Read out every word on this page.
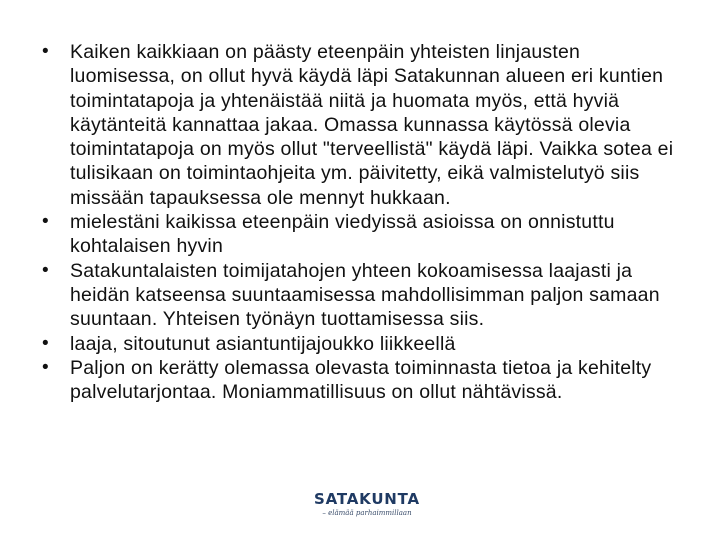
•	Kaiken kaikkiaan on päästy eteenpäin yhteisten linjausten luomisessa, on ollut hyvä käydä läpi Satakunnan alueen eri kuntien toimintatapoja ja yhtenäistää niitä ja huomata myös, että hyviä käytänteitä kannattaa jakaa. Omassa kunnassa käytössä olevia toimintatapoja on myös ollut "terveellistä" käydä läpi. Vaikka sotea ei tulisikaan on toimintaohjeita ym. päivitetty, eikä valmistelutyö siis missään tapauksessa ole mennyt hukkaan.
•	mielestäni kaikissa eteenpäin viedyissä asioissa on onnistuttu kohtalaisen hyvin
•	Satakuntalaisten toimijatahojen yhteen kokoamisessa laajasti ja heidän katseensa suuntaamisessa mahdollisimman paljon samaan suuntaan. Yhteisen työnäyn tuottamisessa siis.
•	laaja, sitoutunut asiantuntijajoukko liikkeellä
•	Paljon on kerätty olemassa olevasta toiminnasta tietoa ja kehitelty palvelutarjontaa. Moniammatillisuus on ollut nähtävissä.
SATAKUNTA
– elämää parhaimmillaan
